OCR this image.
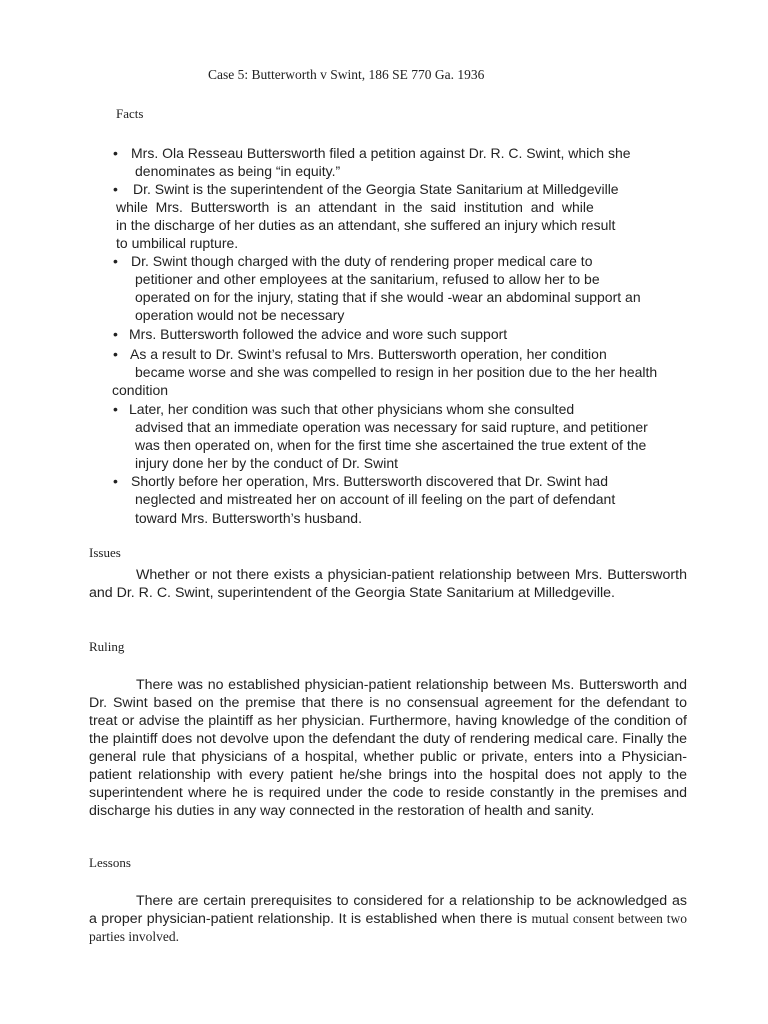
Case 5: Butterworth v Swint, 186 SE 770 Ga. 1936
Facts
• Mrs. Ola Resseau Buttersworth filed a petition against Dr. R. C. Swint, which she
denominates as being “in equity.”
• Dr. Swint is the superintendent of the Georgia State Sanitarium at Milledgeville
while  Mrs.  Buttersworth  is  an  attendant  in  the  said  institution  and  while
in the discharge of her duties as an attendant, she suffered an injury which result
to umbilical rupture.
• Dr. Swint though charged with the duty of rendering proper medical care to
petitioner and other employees at the sanitarium, refused to allow her to be
operated on for the injury, stating that if she would -wear an abdominal support an
operation would not be necessary
• Mrs. Buttersworth followed the advice and wore such support
• As a result to Dr. Swint’s refusal to Mrs. Buttersworth operation, her condition
became worse and she was compelled to resign in her position due to the her health
condition
• Later, her condition was such that other physicians whom she consulted
advised that an immediate operation was necessary for said rupture, and petitioner
was then operated on, when for the first time she ascertained the true extent of the
injury done her by the conduct of Dr. Swint
• Shortly before her operation, Mrs. Buttersworth discovered that Dr. Swint had
neglected and mistreated her on account of ill feeling on the part of defendant
toward Mrs. Buttersworth’s husband.
Issues

Whether or not there exists a physician-patient relationship between Mrs. Buttersworth and Dr. R. C. Swint, superintendent of the Georgia State Sanitarium at Milledgeville.

Ruling

There was no established physician-patient relationship between Ms. Buttersworth and Dr. Swint based on the premise that there is no consensual agreement for the defendant to treat or advise the plaintiff as her physician. Furthermore, having knowledge of the condition of the plaintiff does not devolve upon the defendant the duty of rendering medical care. Finally the general rule that physicians of a hospital, whether public or private, enters into a Physician-patient relationship with every patient he/she brings into the hospital does not apply to the superintendent where he is required under the code to reside constantly in the premises and discharge his duties in any way connected in the restoration of health and sanity.

Lessons

There are certain prerequisites to considered for a relationship to be acknowledged as a proper physician-patient relationship. It is established when there is mutual consent between two parties involved.
